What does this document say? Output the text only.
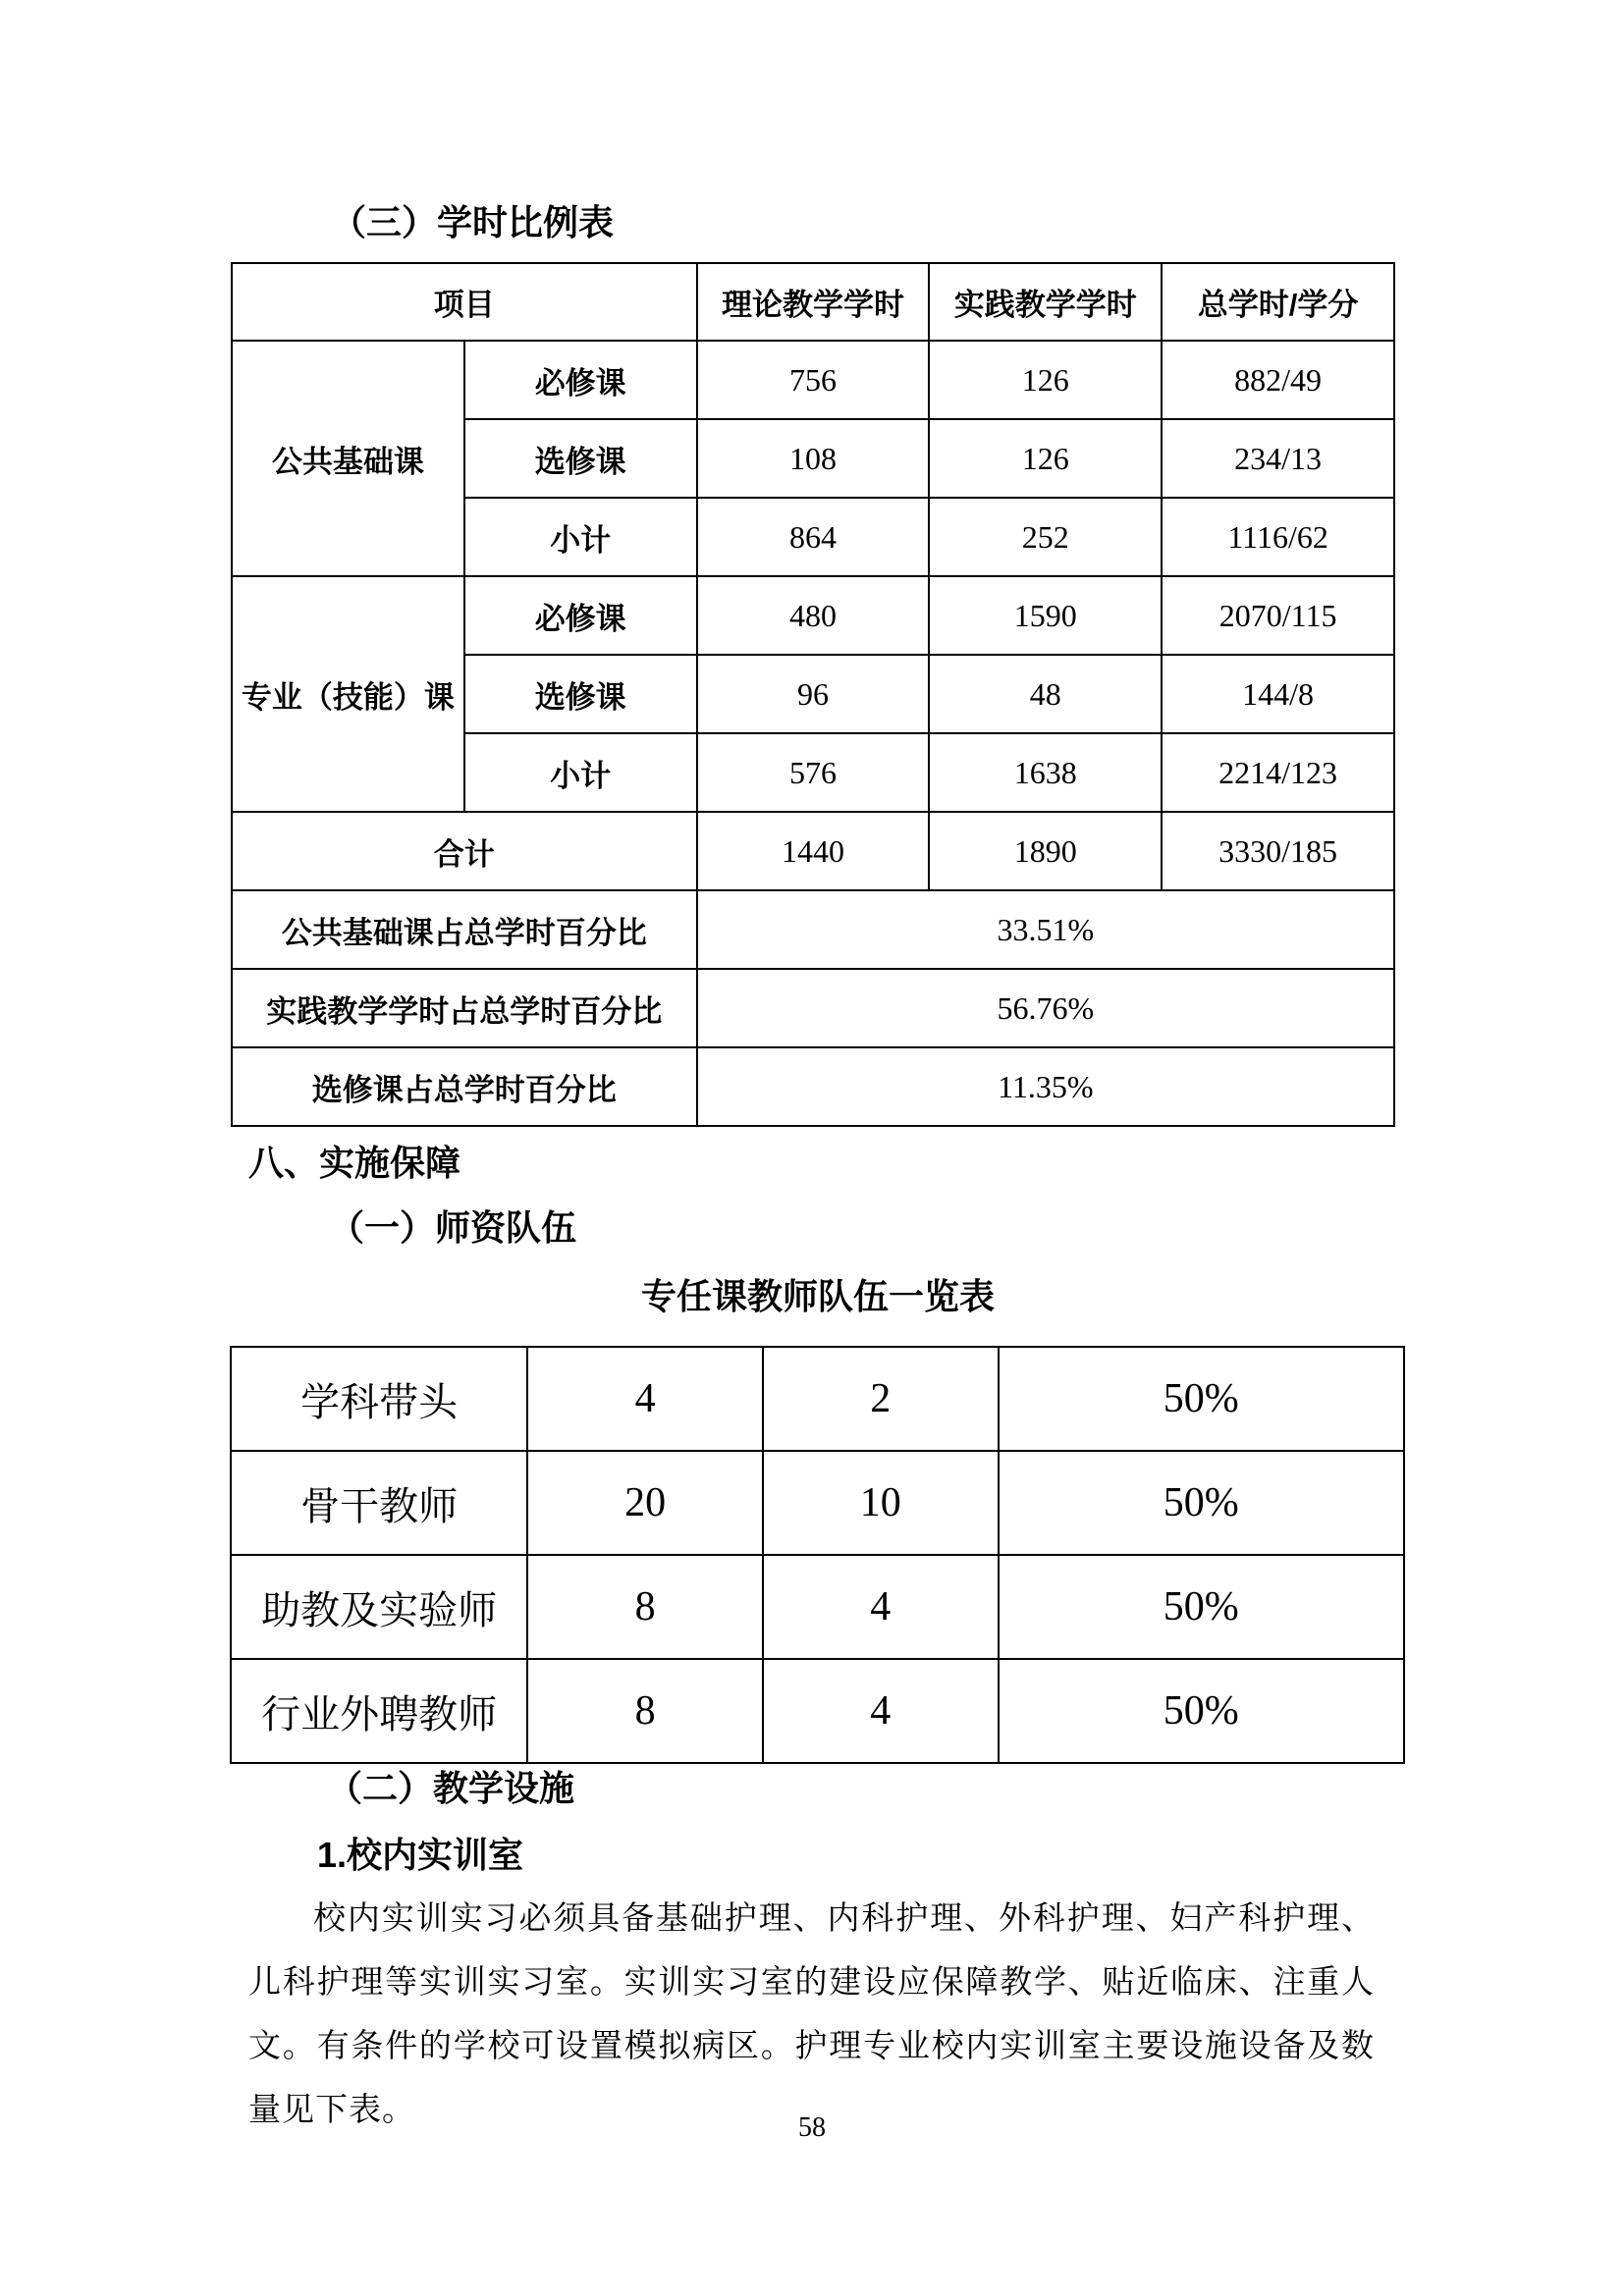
（三）学时比例表
项目		理论教学学时	实践教学学时	总学时/学分
公共基础课	必修课	756	126	882/49
	选修课	108	126	234/13
	小计	864	252	1116/62
专业（技能）课	必修课	480	1590	2070/115
	选修课	96	48	144/8
	小计	576	1638	2214/123
合计		1440	1890	3330/185
公共基础课占总学时百分比		33.51%		
实践教学学时占总学时百分比		56.76%		
选修课占总学时百分比		11.35%		
八、实施保障
（一）师资队伍
专任课教师队伍一览表
学科带头	4	2	50%
骨干教师	20	10	50%
助教及实验师	8	4	50%
行业外聘教师	8	4	50%
（二）教学设施
1.校内实训室
校内实训实习必须具备基础护理、内科护理、外科护理、妇产科护理、儿科护理等实训实习室。实训实习室的建设应保障教学、贴近临床、注重人文。有条件的学校可设置模拟病区。护理专业校内实训室主要设施设备及数量见下表。	58
